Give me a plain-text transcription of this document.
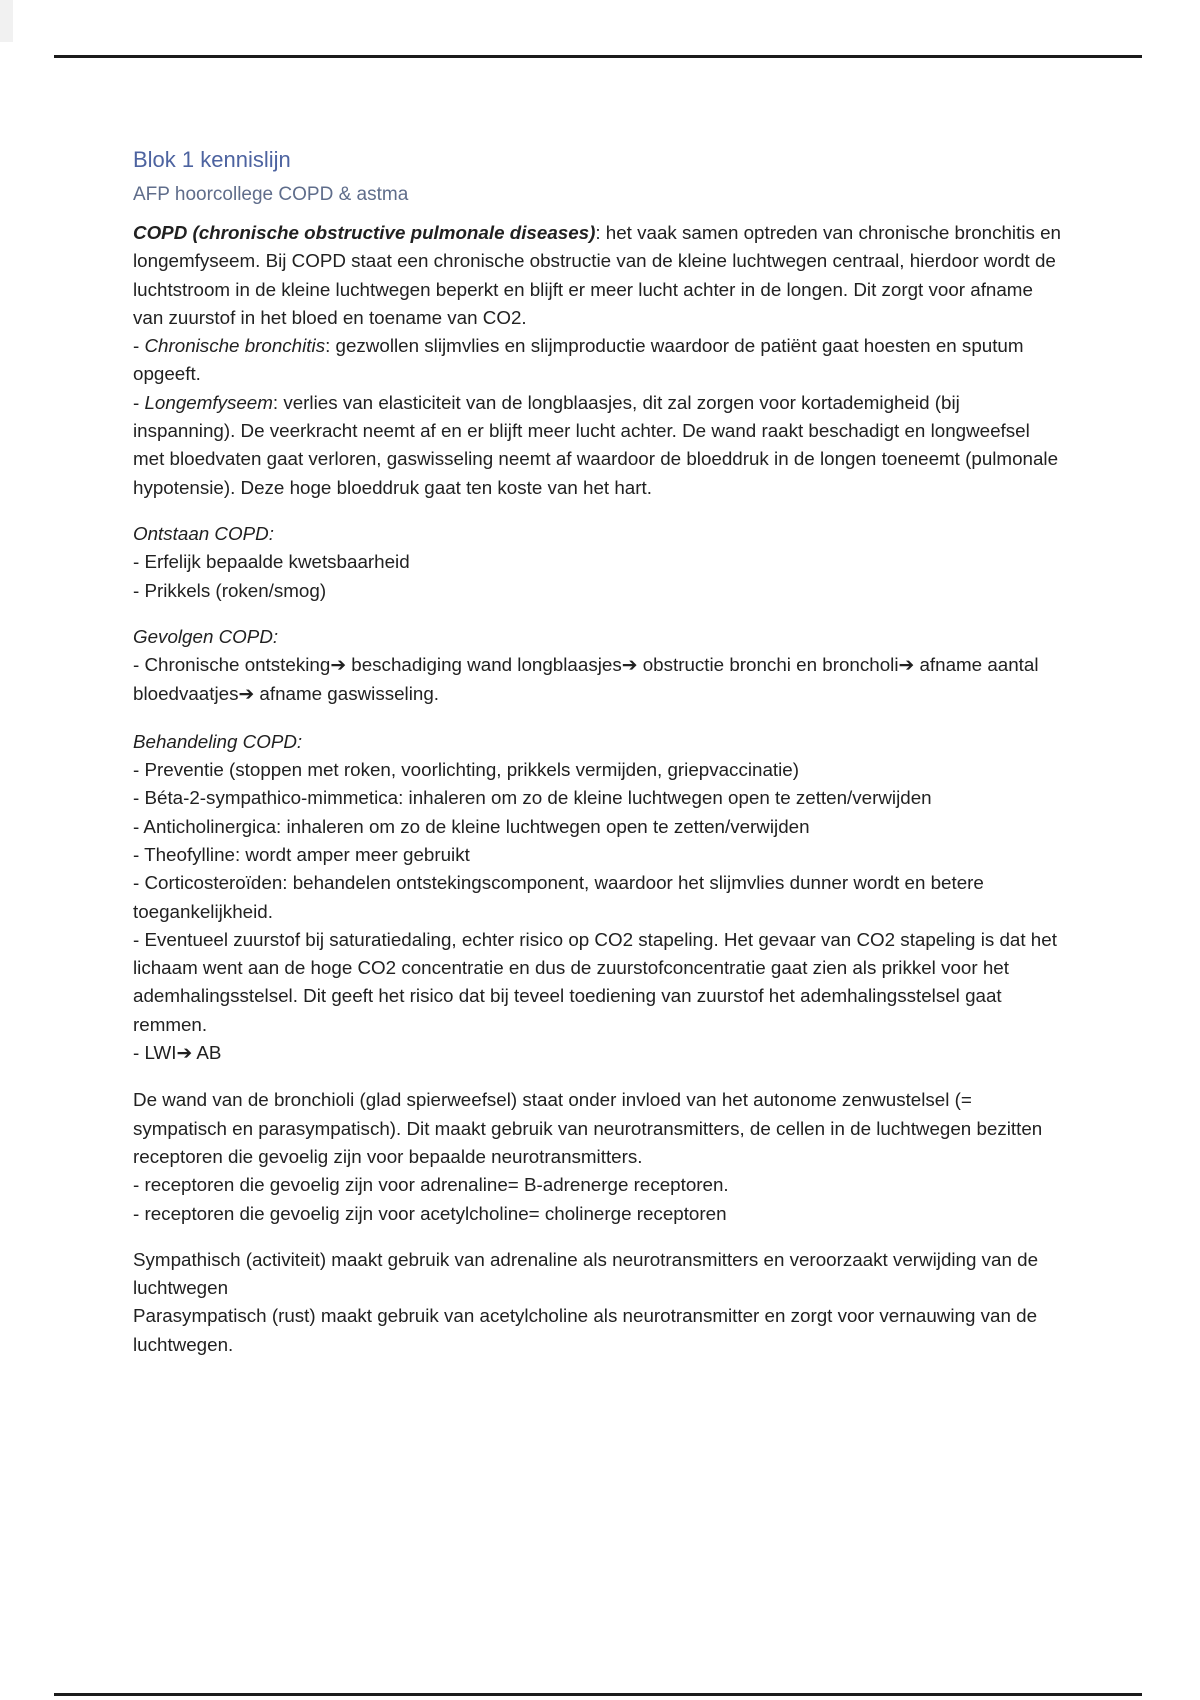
Blok 1 kennislijn
AFP hoorcollege COPD & astma

COPD (chronische obstructive pulmonale diseases): het vaak samen optreden van chronische bronchitis en longemfyseem. Bij COPD staat een chronische obstructie van de kleine luchtwegen centraal, hierdoor wordt de luchtstroom in de kleine luchtwegen beperkt en blijft er meer lucht achter in de longen. Dit zorgt voor afname van zuurstof in het bloed en toename van CO2.

- Chronische bronchitis: gezwollen slijmvlies en slijmproductie waardoor de patiënt gaat hoesten en sputum opgeeft.

- Longemfyseem: verlies van elasticiteit van de longblaasjes, dit zal zorgen voor kortademigheid (bij inspanning). De veerkracht neemt af en er blijft meer lucht achter. De wand raakt beschadigt en longweefsel met bloedvaten gaat verloren, gaswisseling neemt af waardoor de bloeddruk in de longen toeneemt (pulmonale hypotensie). Deze hoge bloeddruk gaat ten koste van het hart.

Ontstaan COPD:

- Erfelijk bepaalde kwetsbaarheid

- Prikkels (roken/smog)

Gevolgen COPD:

- Chronische ontsteking➔ beschadiging wand longblaasjes➔ obstructie bronchi en broncholi➔ afname aantal bloedvaatjes➔ afname gaswisseling.

Behandeling COPD:

- Preventie (stoppen met roken, voorlichting, prikkels vermijden, griepvaccinatie)

- Béta-2-sympathico-mimmetica: inhaleren om zo de kleine luchtwegen open te zetten/verwijden

- Anticholinergica: inhaleren om zo de kleine luchtwegen open te zetten/verwijden

- Theofylline: wordt amper meer gebruikt

- Corticosteroïden: behandelen ontstekingscomponent, waardoor het slijmvlies dunner wordt en betere toegankelijkheid.

- Eventueel zuurstof bij saturatiedaling, echter risico op CO2 stapeling. Het gevaar van CO2 stapeling is dat het lichaam went aan de hoge CO2 concentratie en dus de zuurstofconcentratie gaat zien als prikkel voor het ademhalingsstelsel. Dit geeft het risico dat bij teveel toediening van zuurstof het ademhalingsstelsel gaat remmen.

- LWI➔ AB

De wand van de bronchioli (glad spierweefsel) staat onder invloed van het autonome zenwustelsel (= sympatisch en parasympatisch). Dit maakt gebruik van neurotransmitters, de cellen in de luchtwegen bezitten receptoren die gevoelig zijn voor bepaalde neurotransmitters.

- receptoren die gevoelig zijn voor adrenaline= B-adrenerge receptoren.

- receptoren die gevoelig zijn voor acetylcholine= cholinerge receptoren

Sympathisch (activiteit) maakt gebruik van adrenaline als neurotransmitters en veroorzaakt verwijding van de luchtwegen

Parasympatisch (rust) maakt gebruik van acetylcholine als neurotransmitter en zorgt voor vernauwing van de luchtwegen.
